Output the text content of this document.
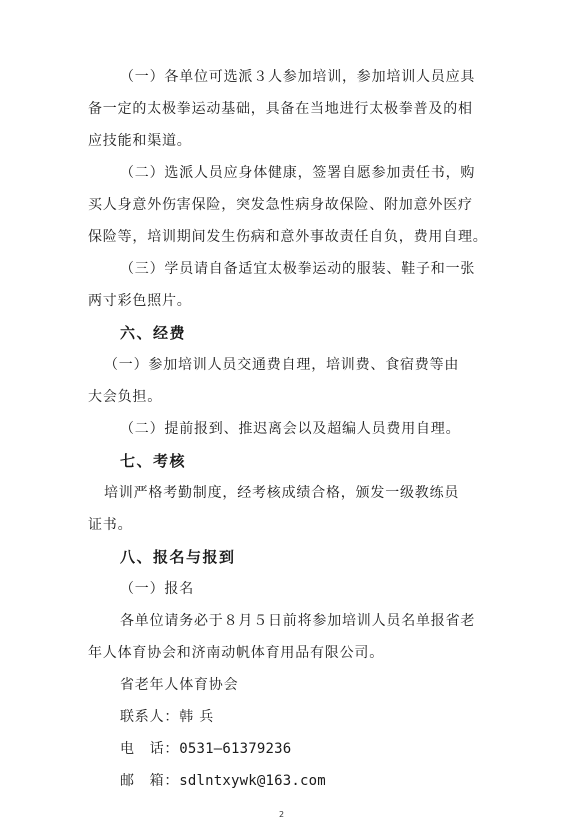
（一）各单位可选派３人参加培训，参加培训人员应具
备一定的太极拳运动基础，具备在当地进行太极拳普及的相
应技能和渠道。
（二）选派人员应身体健康，签署自愿参加责任书，购
买人身意外伤害保险，突发急性病身故保险、附加意外医疗
保险等，培训期间发生伤病和意外事故责任自负，费用自理。
（三）学员请自备适宜太极拳运动的服装、鞋子和一张
两寸彩色照片。
六、经费
（一）参加培训人员交通费自理，培训费、食宿费等由
大会负担。
（二）提前报到、推迟离会以及超编人员费用自理。
七、考核
培训严格考勤制度，经考核成绩合格，颁发一级教练员
证书。
八、报名与报到
（一）报名
各单位请务必于８月５日前将参加培训人员名单报省老
年人体育协会和济南动帆体育用品有限公司。
省老年人体育协会
2
联系人：韩 兵
电　话：0531—61379236
邮　箱：sdlntxywk@163.com
